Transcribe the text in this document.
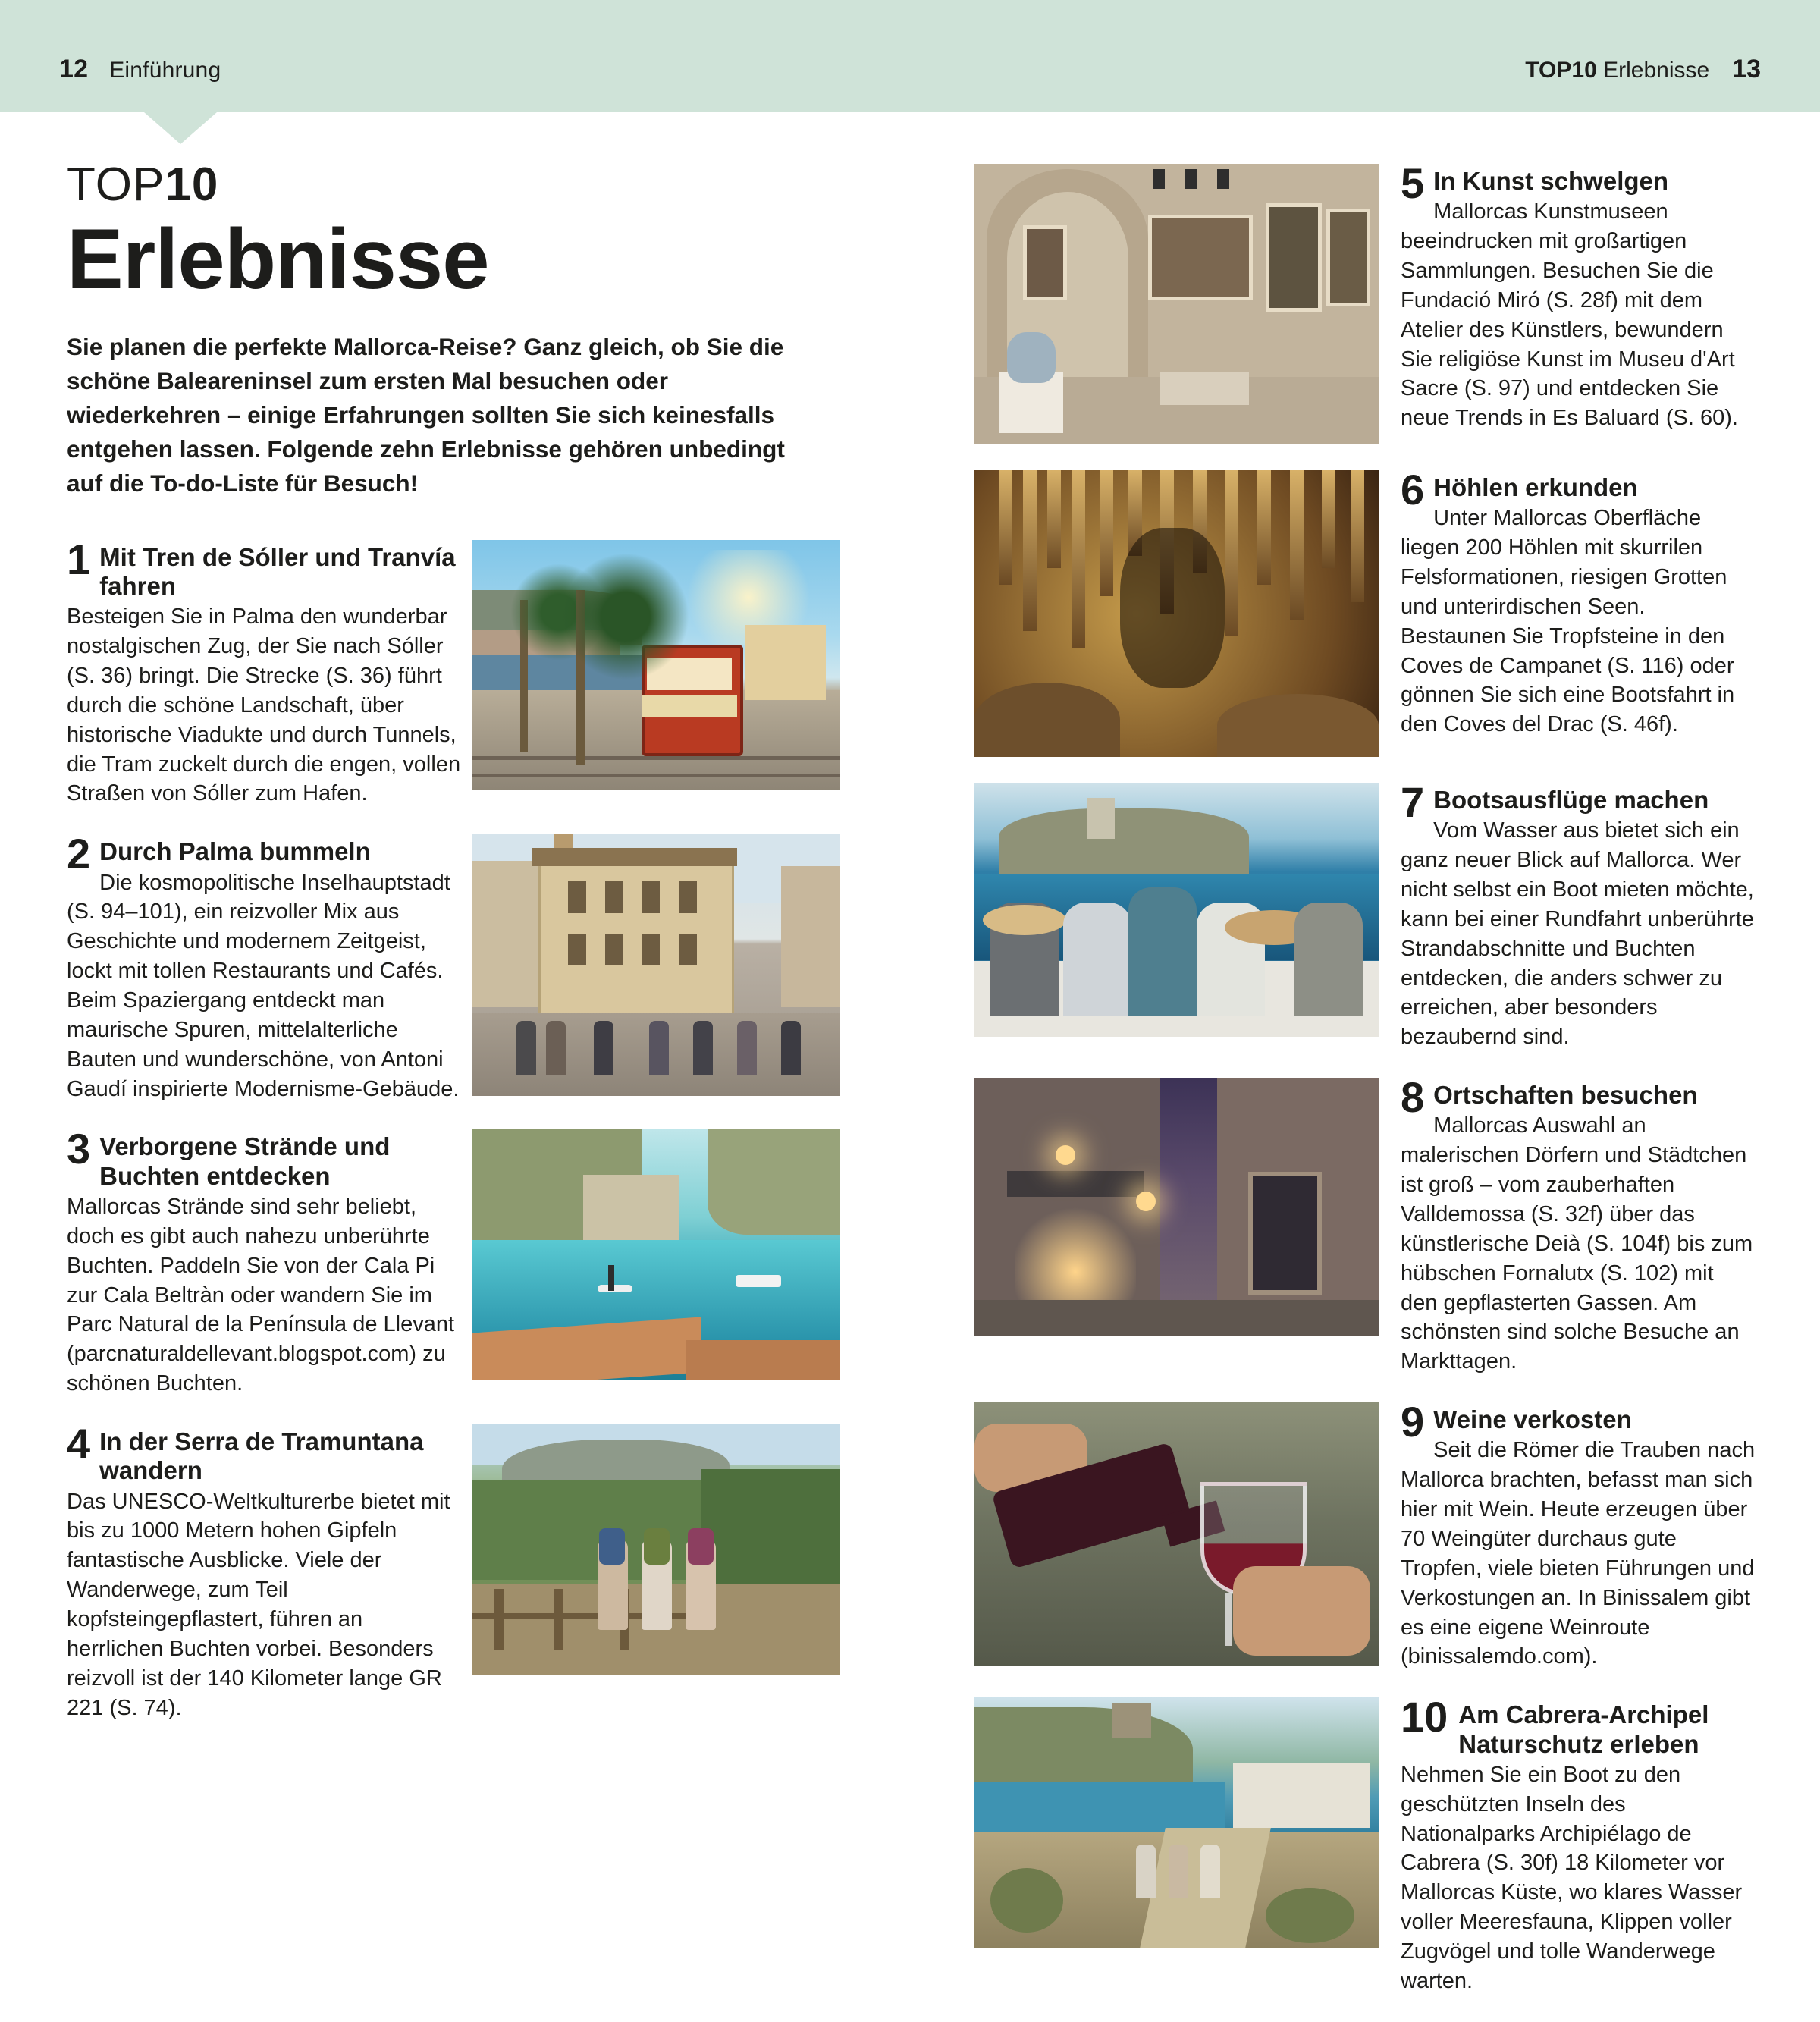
12 Einführung	TOP10 Erlebnisse 13
TOP10
Erlebnisse
Sie planen die perfekte Mallorca-Reise? Ganz gleich, ob Sie die schöne Baleareninsel zum ersten Mal besuchen oder wiederkehren – einige Erfahrungen sollten Sie sich keinesfalls entgehen lassen. Folgende zehn Erlebnisse gehören unbedingt auf die To-do-Liste für Besuch!
1 Mit Tren de Sóller und Tranvía fahren
Besteigen Sie in Palma den wunderbar nostalgischen Zug, der Sie nach Sóller (S. 36) bringt. Die Strecke (S. 36) führt durch die schöne Landschaft, über historische Viadukte und durch Tunnels, die Tram zuckelt durch die engen, vollen Straßen von Sóller zum Hafen.
2 Durch Palma bummeln
Die kosmopolitische Inselhauptstadt (S. 94–101), ein reizvoller Mix aus Geschichte und modernem Zeitgeist, lockt mit tollen Restaurants und Cafés. Beim Spaziergang entdeckt man maurische Spuren, mittelalterliche Bauten und wunderschöne, von Antoni Gaudí inspirierte Modernisme-Gebäude.
3 Verborgene Strände und Buchten entdecken
Mallorcas Strände sind sehr beliebt, doch es gibt auch nahezu unberührte Buchten. Paddeln Sie von der Cala Pi zur Cala Beltràn oder wandern Sie im Parc Natural de la Península de Llevant (parcnaturaldellevant.blogspot.com) zu schönen Buchten.
4 In der Serra de Tramuntana wandern
Das UNESCO-Weltkulturerbe bietet mit bis zu 1000 Metern hohen Gipfeln fantastische Ausblicke. Viele der Wanderwege, zum Teil kopfsteingepflastert, führen an herrlichen Buchten vorbei. Besonders reizvoll ist der 140 Kilometer lange GR 221 (S. 74).
5 In Kunst schwelgen
Mallorcas Kunstmuseen beeindrucken mit großartigen Sammlungen. Besuchen Sie die Fundació Miró (S. 28f) mit dem Atelier des Künstlers, bewundern Sie religiöse Kunst im Museu d'Art Sacre (S. 97) und entdecken Sie neue Trends in Es Baluard (S. 60).
6 Höhlen erkunden
Unter Mallorcas Oberfläche liegen 200 Höhlen mit skurrilen Felsformationen, riesigen Grotten und unterirdischen Seen. Bestaunen Sie Tropfsteine in den Coves de Campanet (S. 116) oder gönnen Sie sich eine Bootsfahrt in den Coves del Drac (S. 46f).
7 Bootsausflüge machen
Vom Wasser aus bietet sich ein ganz neuer Blick auf Mallorca. Wer nicht selbst ein Boot mieten möchte, kann bei einer Rundfahrt unberührte Strandabschnitte und Buchten entdecken, die anders schwer zu erreichen, aber besonders bezaubernd sind.
8 Ortschaften besuchen
Mallorcas Auswahl an malerischen Dörfern und Städtchen ist groß – vom zauberhaften Valldemossa (S. 32f) über das künstlerische Deià (S. 104f) bis zum hübschen Fornalutx (S. 102) mit den gepflasterten Gassen. Am schönsten sind solche Besuche an Markttagen.
9 Weine verkosten
Seit die Römer die Trauben nach Mallorca brachten, befasst man sich hier mit Wein. Heute erzeugen über 70 Weingüter durchaus gute Tropfen, viele bieten Führungen und Verkostungen an. In Binissalem gibt es eine eigene Weinroute (binissalemdo.com).
10 Am Cabrera-Archipel Naturschutz erleben
Nehmen Sie ein Boot zu den geschützten Inseln des Nationalparks Archipiélago de Cabrera (S. 30f) 18 Kilometer vor Mallorcas Küste, wo klares Wasser voller Meeresfauna, Klippen voller Zugvögel und tolle Wanderwege warten.
